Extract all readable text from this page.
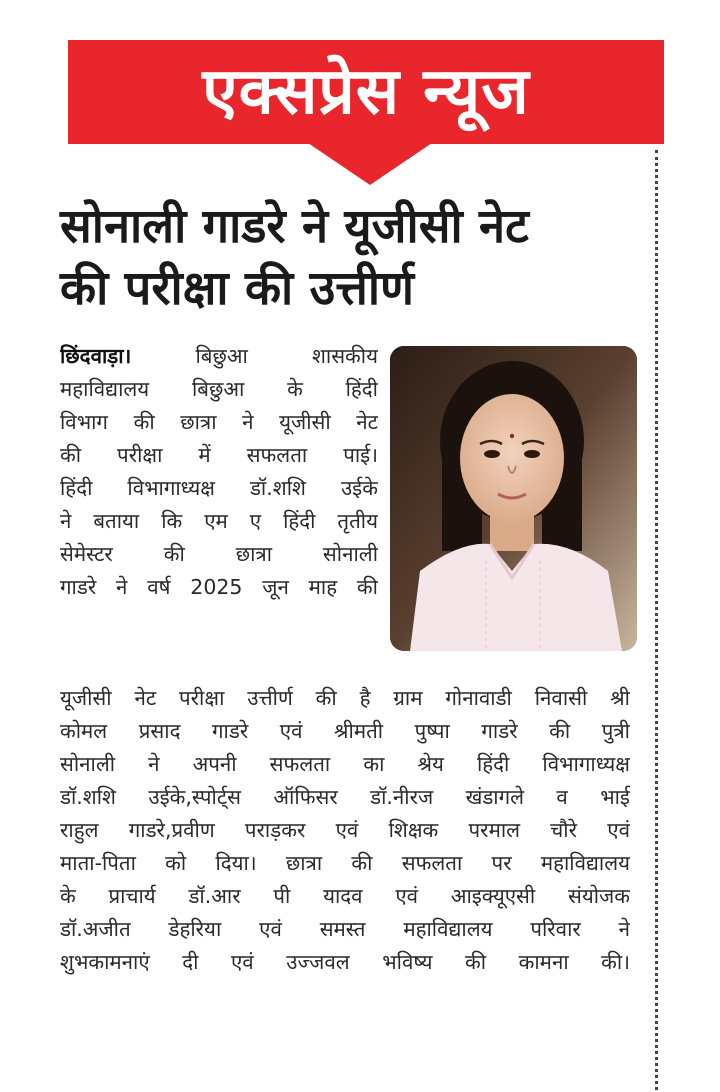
एक्सप्रेस न्यूज
सोनाली गाडरे ने यूजीसी नेट
की परीक्षा की उत्तीर्ण
छिंदवाड़ा। बिछुआ शासकीय
महाविद्यालय बिछुआ के हिंदी
विभाग की छात्रा ने यूजीसी नेट
की परीक्षा में सफलता पाई।
हिंदी विभागाध्यक्ष डॉ.शशि उईके
ने बताया कि एम ए हिंदी तृतीय
सेमेस्टर की छात्रा सोनाली
गाडरे ने वर्ष 2025 जून माह की
यूजीसी नेट परीक्षा उत्तीर्ण की है ग्राम गोनावाडी निवासी श्री
कोमल प्रसाद गाडरे एवं श्रीमती पुष्पा गाडरे की पुत्री
सोनाली ने अपनी सफलता का श्रेय हिंदी विभागाध्यक्ष
डॉ.शशि उईके,स्पोर्ट्स ऑफिसर डॉ.नीरज खंडागले व भाई
राहुल गाडरे,प्रवीण पराड़कर एवं शिक्षक परमाल चौरे एवं
माता-पिता को दिया। छात्रा की सफलता पर महाविद्यालय
के प्राचार्य डॉ.आर पी यादव एवं आइक्यूएसी संयोजक
डॉ.अजीत डेहरिया एवं समस्त महाविद्यालय परिवार ने
शुभकामनाएं दी एवं उज्जवल भविष्य की कामना की।
